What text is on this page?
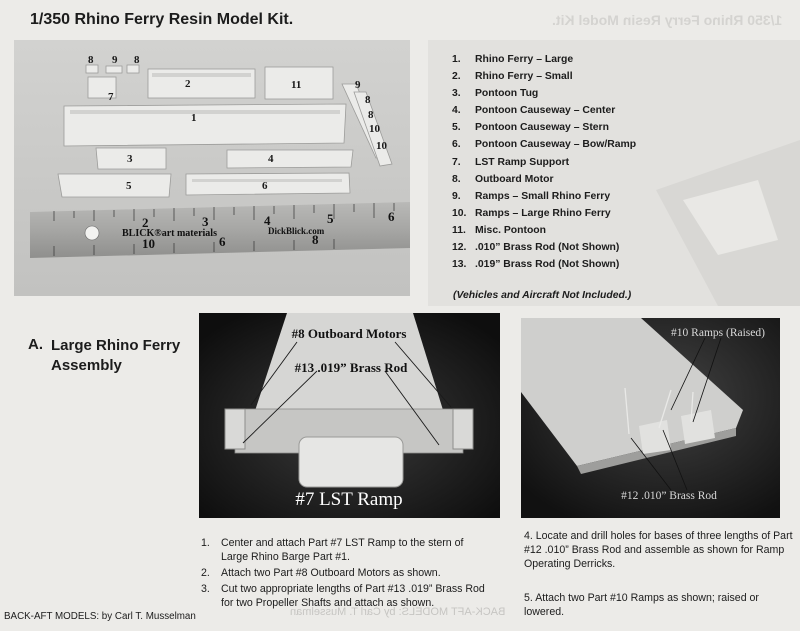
1/350 Rhino Ferry Resin Model Kit.
BACK-AFT MODELS: by Carl T. Musselman
1/350 Rhino Ferry Resin Model Kit.
8 9 8
7
2	11	9
8
8
10
10
1
3	4
5	6
2	3	4	5	6
10	6	8
BLICK®art materials	DickBlick.com
1. Rhino Ferry – Large
2. Rhino Ferry – Small
3. Pontoon Tug
4. Pontoon Causeway – Center
5. Pontoon Causeway – Stern
6. Pontoon Causeway – Bow/Ramp
7. LST Ramp Support
8. Outboard Motor
9. Ramps – Small Rhino Ferry
10. Ramps – Large Rhino Ferry
11. Misc. Pontoon
12. .010” Brass Rod (Not Shown)
13. .019” Brass Rod (Not Shown)
(Vehicles and Aircraft Not Included.)
A. Large Rhino Ferry Assembly
#8 Outboard Motors
#13 .019” Brass Rod
#7 LST Ramp
#10 Ramps (Raised)
#12 .010” Brass Rod
1. Center and attach Part #7 LST Ramp to the stern of Large Rhino Barge Part #1.
2. Attach two Part #8 Outboard Motors as shown.
3. Cut two appropriate lengths of Part #13 .019” Brass Rod for two Propeller Shafts and attach as shown.
4. Locate and drill holes for bases of three lengths of Part #12 .010” Brass Rod and assemble as shown for Ramp Operating Derricks.
5. Attach two Part #10 Ramps as shown; raised or lowered.
BACK-AFT MODELS: by Carl T. Musselman
